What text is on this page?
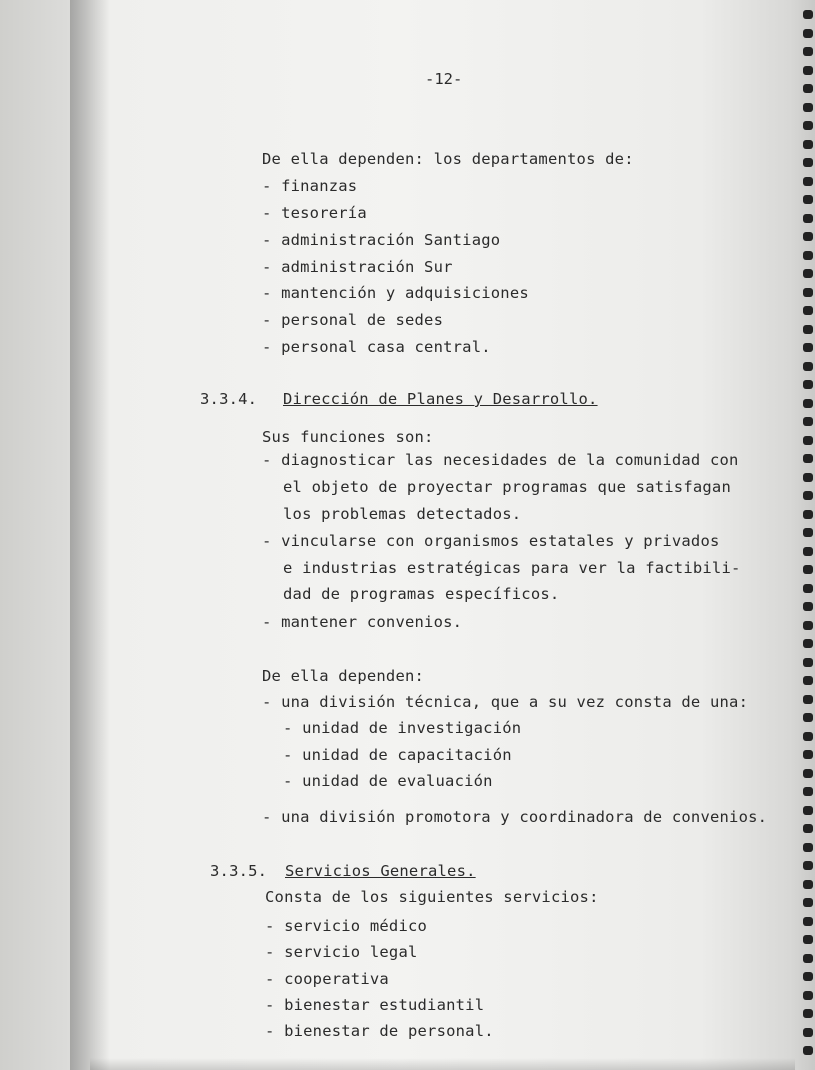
-12-
De ella dependen: los departamentos de:
- finanzas
- tesorería
- administración Santiago
- administración Sur
- mantención y adquisiciones
- personal de sedes
- personal casa central.
3.3.4. Dirección de Planes y Desarrollo.
Sus funciones son:
- diagnosticar las necesidades de la comunidad con
el objeto de proyectar programas que satisfagan
los problemas detectados.
- vincularse con organismos estatales y privados
e industrias estratégicas para ver la factibili-
dad de programas específicos.
- mantener convenios.
De ella dependen:
- una división técnica, que a su vez consta de una:
- unidad de investigación
- unidad de capacitación
- unidad de evaluación
- una división promotora y coordinadora de convenios.
3.3.5. Servicios Generales.
Consta de los siguientes servicios:
- servicio médico
- servicio legal
- cooperativa
- bienestar estudiantil
- bienestar de personal.
